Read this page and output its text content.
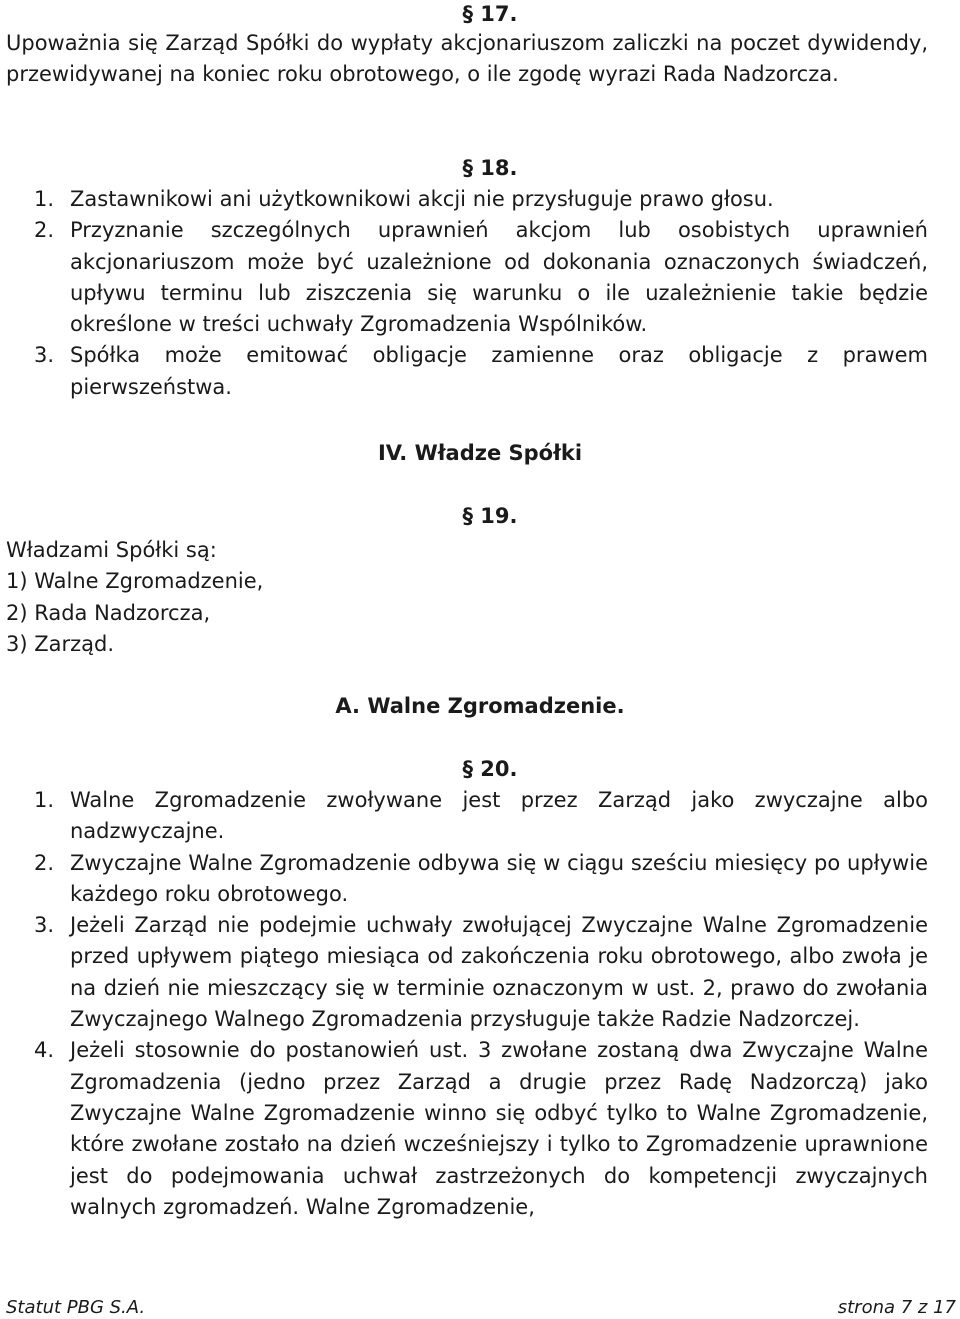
§ 17.
Upoważnia się Zarząd Spółki do wypłaty akcjonariuszom zaliczki na poczet dywidendy, przewidywanej na koniec roku obrotowego, o ile zgodę wyrazi Rada Nadzorcza.
§ 18.
1. Zastawnikowi ani użytkownikowi akcji nie przysługuje prawo głosu.
2. Przyznanie szczególnych uprawnień akcjom lub osobistych uprawnień akcjonariuszom może być uzależnione od dokonania oznaczonych świadczeń, upływu terminu lub ziszczenia się warunku o ile uzależnienie takie będzie określone w treści uchwały Zgromadzenia Wspólników.
3. Spółka może emitować obligacje zamienne oraz obligacje z prawem pierwszeństwa.
IV. Władze Spółki
§ 19.
Władzami Spółki są:
1) Walne Zgromadzenie,
2) Rada Nadzorcza,
3) Zarząd.
A. Walne Zgromadzenie.
§ 20.
1. Walne Zgromadzenie zwoływane jest przez Zarząd jako zwyczajne albo nadzwyczajne.
2. Zwyczajne Walne Zgromadzenie odbywa się w ciągu sześciu miesięcy po upływie każdego roku obrotowego.
3. Jeżeli Zarząd nie podejmie uchwały zwołującej Zwyczajne Walne Zgromadzenie przed upływem piątego miesiąca od zakończenia roku obrotowego, albo zwoła je na dzień nie mieszczący się w terminie oznaczonym w ust. 2, prawo do zwołania Zwyczajnego Walnego Zgromadzenia przysługuje także Radzie Nadzorczej.
4. Jeżeli stosownie do postanowień ust. 3 zwołane zostaną dwa Zwyczajne Walne Zgromadzenia (jedno przez Zarząd a drugie przez Radę Nadzorczą) jako Zwyczajne Walne Zgromadzenie winno się odbyć tylko to Walne Zgromadzenie, które zwołane zostało na dzień wcześniejszy i tylko to Zgromadzenie uprawnione jest do podejmowania uchwał zastrzeżonych do kompetencji zwyczajnych walnych zgromadzeń. Walne Zgromadzenie,
Statut PBG S.A.	strona 7 z 17
